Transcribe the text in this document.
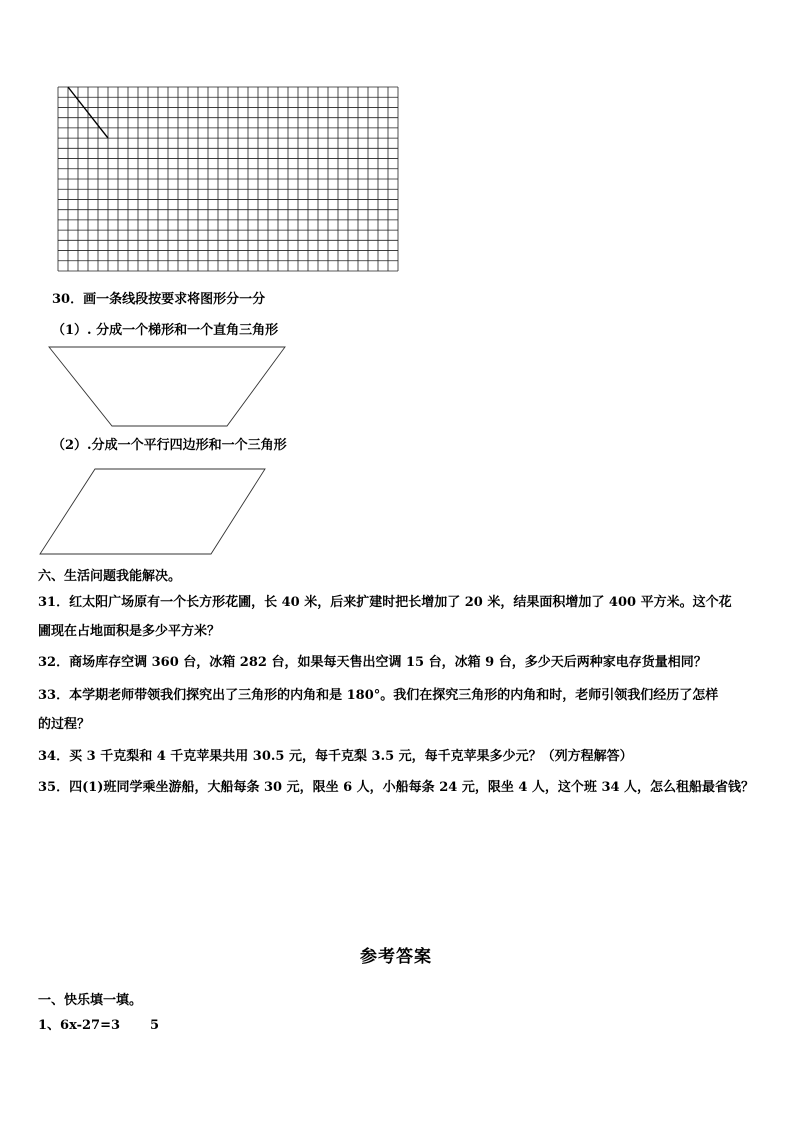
30．画一条线段按要求将图形分一分
（1）. 分成一个梯形和一个直角三角形
（2）.分成一个平行四边形和一个三角形
六、生活问题我能解决。
31．红太阳广场原有一个长方形花圃，长 40 米，后来扩建时把长增加了 20 米，结果面积增加了 400 平方米。这个花
圃现在占地面积是多少平方米？
32．商场库存空调 360 台，冰箱 282 台，如果每天售出空调 15 台，冰箱 9 台，多少天后两种家电存货量相同？
33．本学期老师带领我们探究出了三角形的内角和是 180°。我们在探究三角形的内角和时，老师引领我们经历了怎样
的过程？
34．买 3 千克梨和 4 千克苹果共用 30.5 元，每千克梨 3.5 元，每千克苹果多少元？（列方程解答）
35．四(1)班同学乘坐游船，大船每条 30 元，限坐 6 人，小船每条 24 元，限坐 4 人，这个班 34 人，怎么租船最省钱？
参考答案
一、快乐填一填。
1、6x-27=3 5
